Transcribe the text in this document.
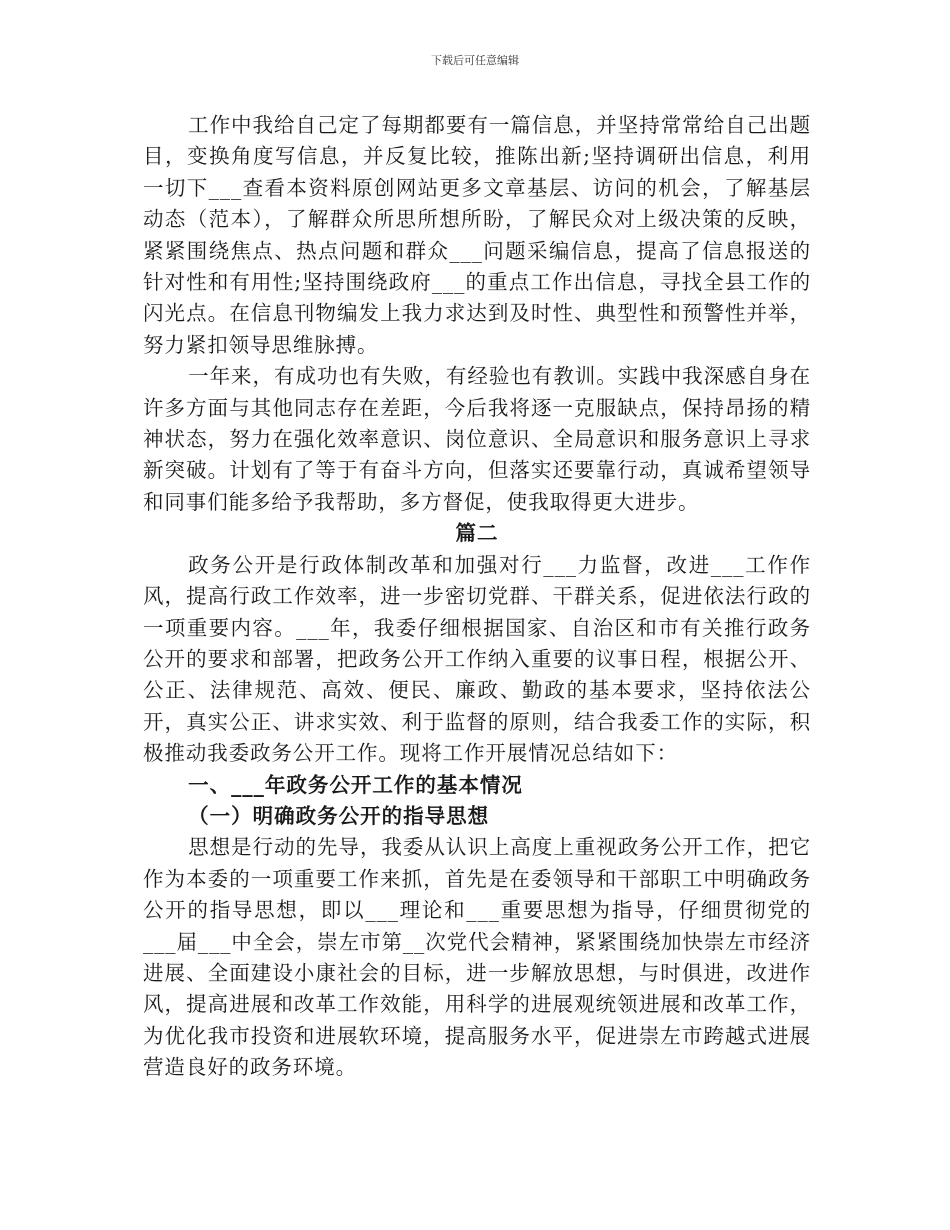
下载后可任意编辑

工作中我给自己定了每期都要有一篇信息，并坚持常常给自己出题目，变换角度写信息，并反复比较，推陈出新;坚持调研出信息，利用一切下___查看本资料原创网站更多文章基层、访问的机会，了解基层动态（范本），了解群众所思所想所盼，了解民众对上级决策的反映，紧紧围绕焦点、热点问题和群众___问题采编信息，提高了信息报送的针对性和有用性;坚持围绕政府___的重点工作出信息，寻找全县工作的闪光点。在信息刊物编发上我力求达到及时性、典型性和预警性并举，努力紧扣领导思维脉搏。

一年来，有成功也有失败，有经验也有教训。实践中我深感自身在许多方面与其他同志存在差距，今后我将逐一克服缺点，保持昂扬的精神状态，努力在强化效率意识、岗位意识、全局意识和服务意识上寻求新突破。计划有了等于有奋斗方向，但落实还要靠行动，真诚希望领导和同事们能多给予我帮助，多方督促，使我取得更大进步。

篇二

政务公开是行政体制改革和加强对行___力监督，改进___工作作风，提高行政工作效率，进一步密切党群、干群关系，促进依法行政的一项重要内容。___年，我委仔细根据国家、自治区和市有关推行政务公开的要求和部署，把政务公开工作纳入重要的议事日程，根据公开、公正、法律规范、高效、便民、廉政、勤政的基本要求，坚持依法公开，真实公正、讲求实效、利于监督的原则，结合我委工作的实际，积极推动我委政务公开工作。现将工作开展情况总结如下：

一、___年政务公开工作的基本情况

（一）明确政务公开的指导思想

思想是行动的先导，我委从认识上高度上重视政务公开工作，把它作为本委的一项重要工作来抓，首先是在委领导和干部职工中明确政务公开的指导思想，即以___理论和___重要思想为指导，仔细贯彻党的___届___中全会，崇左市第__次党代会精神，紧紧围绕加快崇左市经济进展、全面建设小康社会的目标，进一步解放思想，与时俱进，改进作风，提高进展和改革工作效能，用科学的进展观统领进展和改革工作，为优化我市投资和进展软环境，提高服务水平，促进崇左市跨越式进展营造良好的政务环境。
